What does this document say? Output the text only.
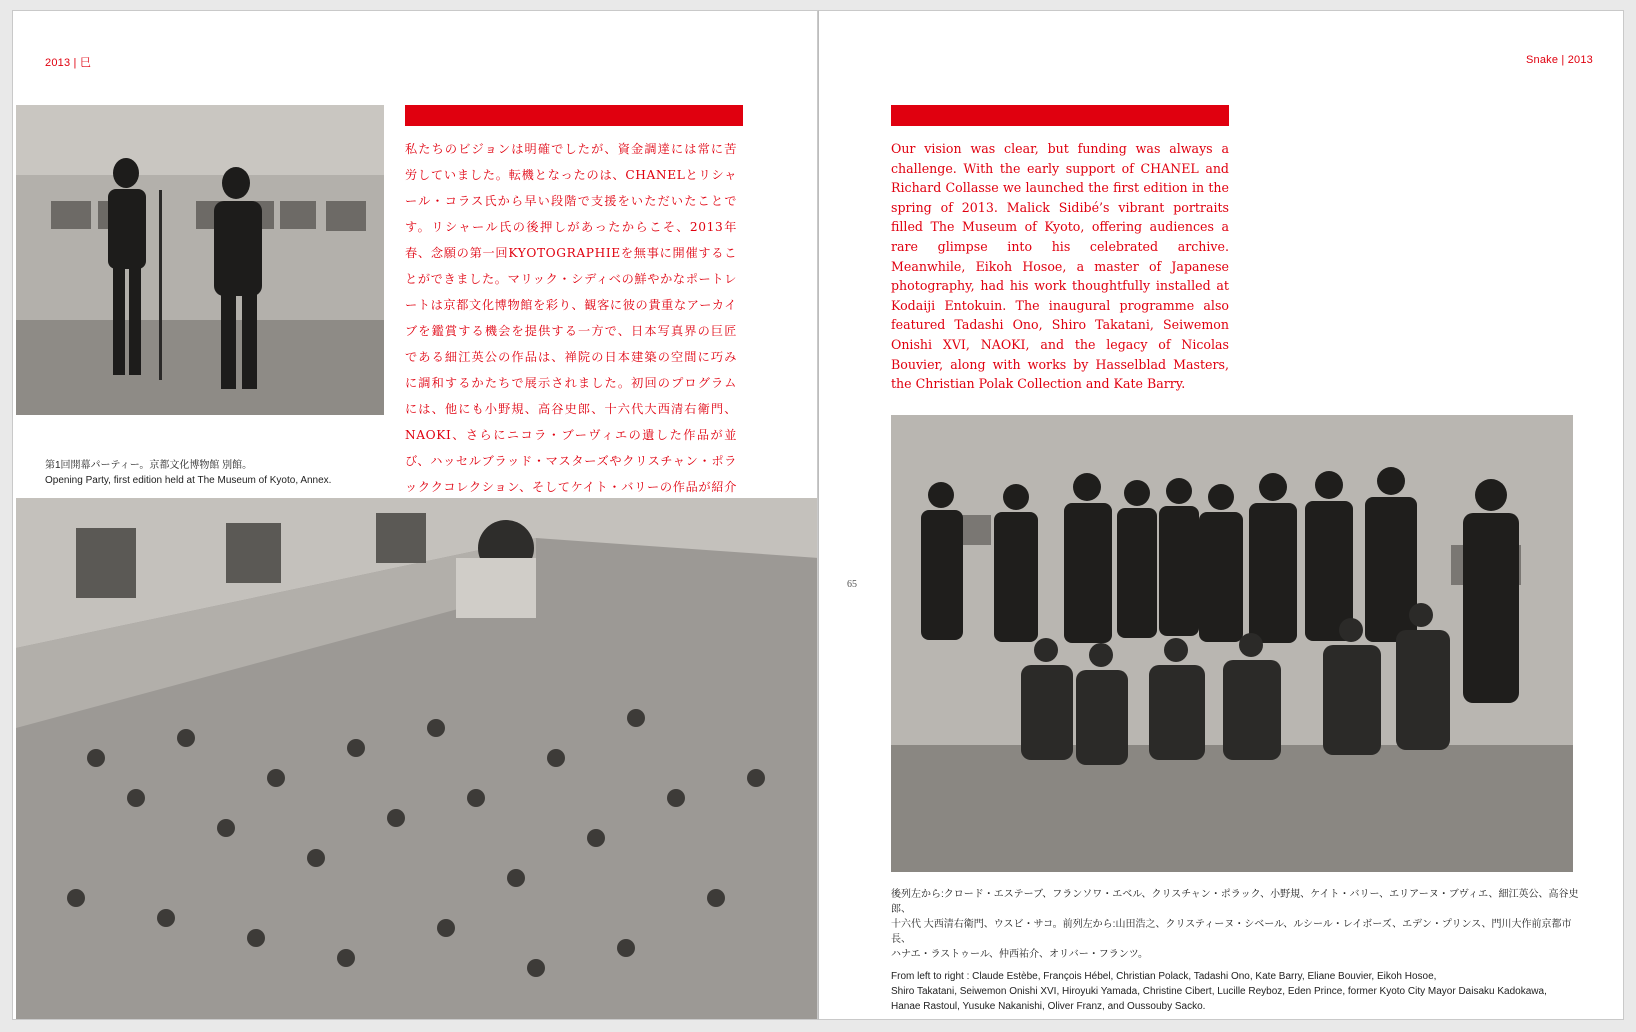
2013 | 巳

第1回開幕パーティー。京都文化博物館 別館。

Opening Party, first edition held at The Museum of Kyoto, Annex.

私たちのビジョンは明確でしたが、資金調達には常に苦労していました。転機となったのは、CHANELとリシャール・コラス氏から早い段階で支援をいただいたことです。リシャール氏の後押しがあったからこそ、2013年春、念願の第一回KYOTOGRAPHIEを無事に開催することができました。マリック・シディベの鮮やかなポートレートは京都文化博物館を彩り、観客に彼の貴重なアーカイブを鑑賞する機会を提供する一方で、日本写真界の巨匠である細江英公の作品は、禅院の日本建築の空間に巧みに調和するかたちで展示されました。初回のプログラムには、他にも小野規、高谷史郎、十六代大西清右衛門、NAOKI、さらにニコラ・ブーヴィエの遺した作品が並び、ハッセルブラッド・マスターズやクリスチャン・ポラッククコレクション、そしてケイト・バリーの作品が紹介
Snake | 2013
Our vision was clear, but funding was always a challenge. With the early support of CHANEL and Richard Collasse we launched the first edition in the spring of 2013. Malick Sidibé’s vibrant portraits filled The Museum of Kyoto, offering audiences a rare glimpse into his celebrated archive. Meanwhile, Eikoh Hosoe, a master of Japanese photography, had his work thoughtfully installed at Kodaiji Entokuin. The inaugural programme also featured Tadashi Ono, Shiro Takatani, Seiwemon Onishi XVI, NAOKI, and the legacy of Nicolas Bouvier, along with works by Hasselblad Masters, the Christian Polak Collection and Kate Barry.
65

後列左から:クロード・エステーブ、フランソワ・エベル、クリスチャン・ポラック、小野規、ケイト・バリー、エリアーヌ・ブヴィエ、細江英公、高谷史郎、

十六代 大西清右衛門、ウスビ・サコ。前列左から:山田浩之、クリスティーヌ・シベール、ルシール・レイボーズ、エデン・プリンス、門川大作前京都市長、

ハナエ・ラストゥール、仲西祐介、オリバー・フランツ。

From left to right : Claude Estèbe, François Hébel, Christian Polack, Tadashi Ono, Kate Barry, Eliane Bouvier, Eikoh Hosoe,

Shiro Takatani, Seiwemon Onishi XVI, Hiroyuki Yamada, Christine Cibert, Lucille Reyboz, Eden Prince, former Kyoto City Mayor Daisaku Kadokawa,

Hanae Rastoul, Yusuke Nakanishi, Oliver Franz, and Oussouby Sacko.
